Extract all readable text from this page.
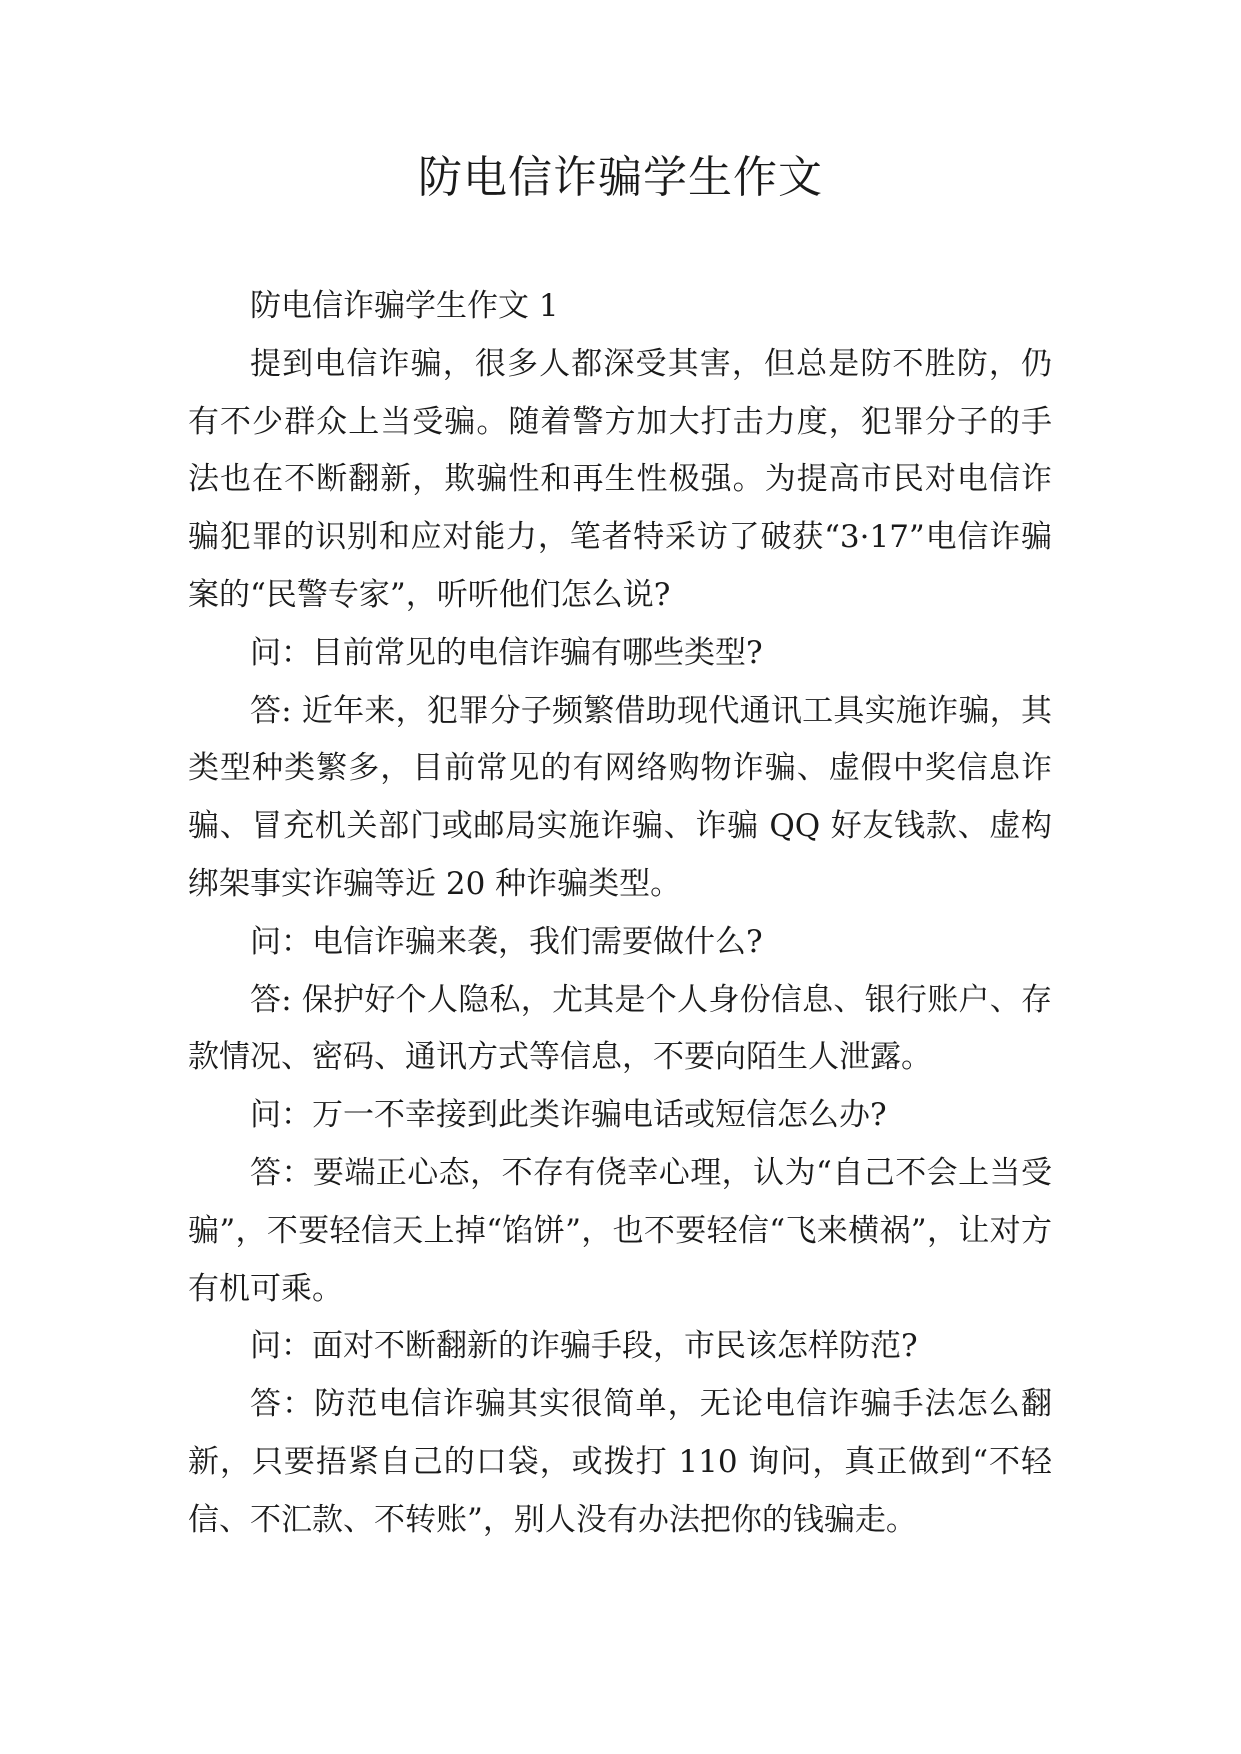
防电信诈骗学生作文

防电信诈骗学生作文 1

提到电信诈骗，很多人都深受其害，但总是防不胜防，仍有不少群众上当受骗。随着警方加大打击力度，犯罪分子的手法也在不断翻新，欺骗性和再生性极强。为提高市民对电信诈骗犯罪的识别和应对能力，笔者特采访了破获“3·17”电信诈骗案的“民警专家”，听听他们怎么说?

问：目前常见的电信诈骗有哪些类型?

答: 近年来，犯罪分子频繁借助现代通讯工具实施诈骗，其类型种类繁多，目前常见的有网络购物诈骗、虚假中奖信息诈骗、冒充机关部门或邮局实施诈骗、诈骗 QQ 好友钱款、虚构绑架事实诈骗等近 20 种诈骗类型。

问：电信诈骗来袭，我们需要做什么?

答: 保护好个人隐私，尤其是个人身份信息、银行账户、存款情况、密码、通讯方式等信息，不要向陌生人泄露。

问：万一不幸接到此类诈骗电话或短信怎么办?

答：要端正心态，不存有侥幸心理，认为“自己不会上当受骗”，不要轻信天上掉“馅饼”，也不要轻信“飞来横祸”，让对方有机可乘。

问：面对不断翻新的诈骗手段，市民该怎样防范?

答：防范电信诈骗其实很简单，无论电信诈骗手法怎么翻新，只要捂紧自己的口袋，或拨打 110 询问，真正做到“不轻信、不汇款、不转账”，别人没有办法把你的钱骗走。
